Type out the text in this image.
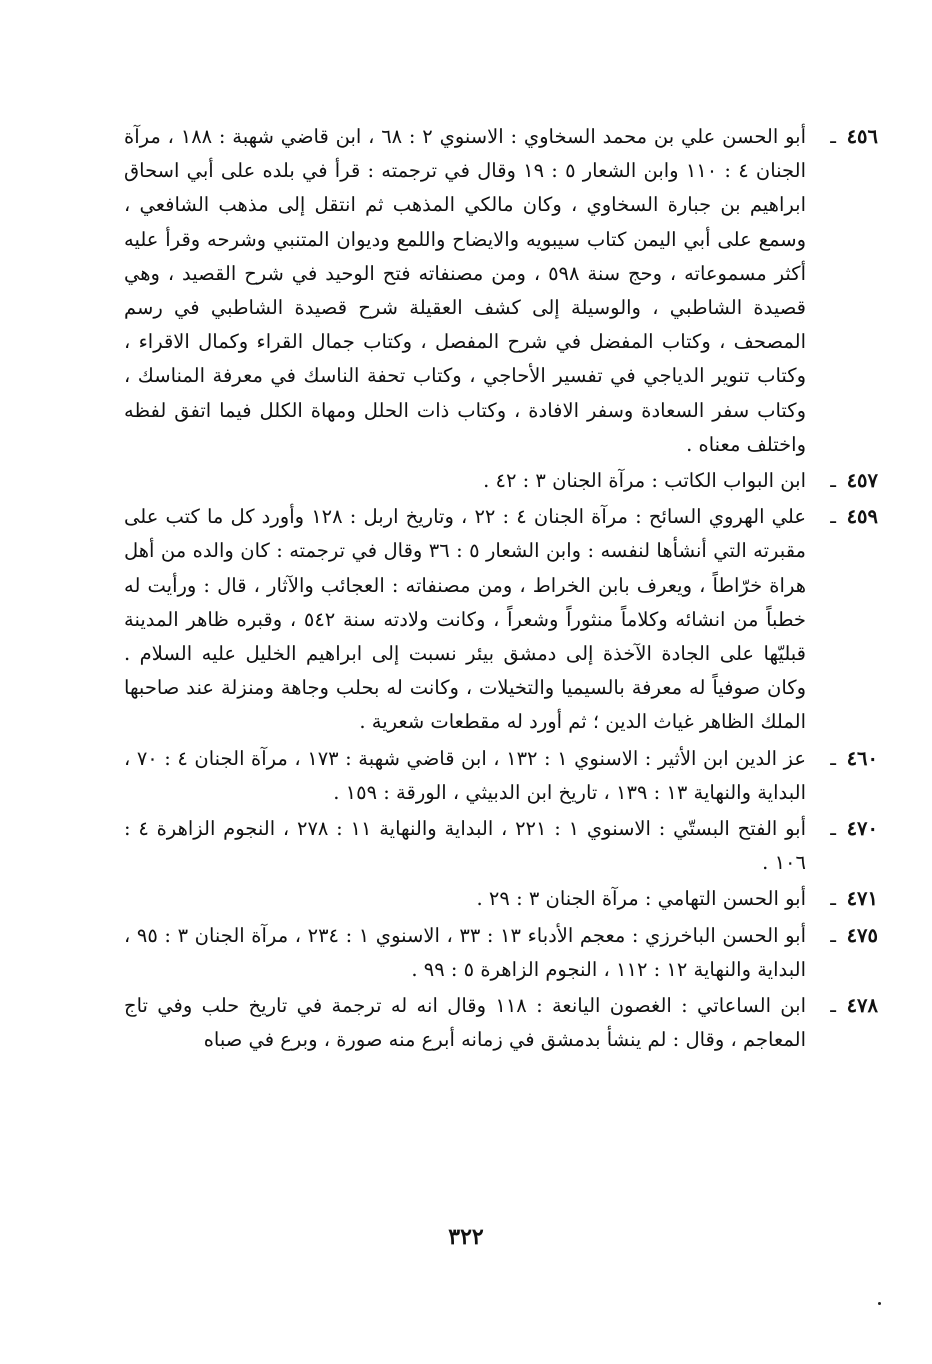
٤٥٦
ـ
أبو الحسن علي بن محمد السخاوي : الاسنوي ٢ : ٦٨ ، ابن قاضي شهبة : ١٨٨ ، مرآة الجنان ٤ : ١١٠ وابن الشعار ٥ : ١٩ وقال في ترجمته : قرأ في بلده على أبي اسحاق ابراهيم بن جبارة السخاوي ، وكان مالكي المذهب ثم انتقل إلى مذهب الشافعي ، وسمع على أبي اليمن كتاب سيبويه والايضاح واللمع وديوان المتنبي وشرحه وقرأ عليه أكثر مسموعاته ، وحج سنة ٥٩٨ ، ومن مصنفاته فتح الوحيد في شرح القصيد ، وهي قصيدة الشاطبي ، والوسيلة إلى كشف العقيلة شرح قصيدة الشاطبي في رسم المصحف ، وكتاب المفضل في شرح المفصل ، وكتاب جمال القراء وكمال الاقراء ، وكتاب تنوير الدياجي في تفسير الأحاجي ، وكتاب تحفة الناسك في معرفة المناسك ، وكتاب سفر السعادة وسفر الافادة ، وكتاب ذات الحلل ومهاة الكلل فيما اتفق لفظه واختلف معناه .
٤٥٧
ـ
ابن البواب الكاتب : مرآة الجنان ٣ : ٤٢ .
٤٥٩
ـ
علي الهروي السائح : مرآة الجنان ٤ : ٢٢ ، وتاريخ اربل : ١٢٨ وأورد كل ما كتب على مقبرته التي أنشأها لنفسه : وابن الشعار ٥ : ٣٦ وقال في ترجمته : كان والده من أهل هراة خرّاطاً ، ويعرف بابن الخراط ، ومن مصنفاته : العجائب والآثار ، قال : ورأيت له خطباً من انشائه وكلاماً منثوراً وشعراً ، وكانت ولادته سنة ٥٤٢ ، وقبره ظاهر المدينة قبليّها على الجادة الآخذة إلى دمشق بيئر نسبت إلى ابراهيم الخليل عليه السلام . وكان صوفياً له معرفة بالسيميا والتخيلات ، وكانت له بحلب وجاهة ومنزلة عند صاحبها الملك الظاهر غياث الدين ؛ ثم أورد له مقطعات شعرية .
٤٦٠
ـ
عز الدين ابن الأثير : الاسنوي ١ : ١٣٢ ، ابن قاضي شهبة : ١٧٣ ، مرآة الجنان ٤ : ٧٠ ، البداية والنهاية ١٣ : ١٣٩ ، تاريخ ابن الدبيثي ، الورقة : ١٥٩ .
٤٧٠
ـ
أبو الفتح البستّي : الاسنوي ١ : ٢٢١ ، البداية والنهاية ١١ : ٢٧٨ ، النجوم الزاهرة ٤ : ١٠٦ .
٤٧١
ـ
أبو الحسن التهامي : مرآة الجنان ٣ : ٢٩ .
٤٧٥
ـ
أبو الحسن الباخرزي : معجم الأدباء ١٣ : ٣٣ ، الاسنوي ١ : ٢٣٤ ، مرآة الجنان ٣ : ٩٥ ، البداية والنهاية ١٢ : ١١٢ ، النجوم الزاهرة ٥ : ٩٩ .
٤٧٨
ـ
ابن الساعاتي : الغصون اليانعة : ١١٨ وقال انه له ترجمة في تاريخ حلب وفي تاج المعاجم ، وقال : لم ينشأ بدمشق في زمانه أبرع منه صورة ، وبرع في صباه
٣٢٢
